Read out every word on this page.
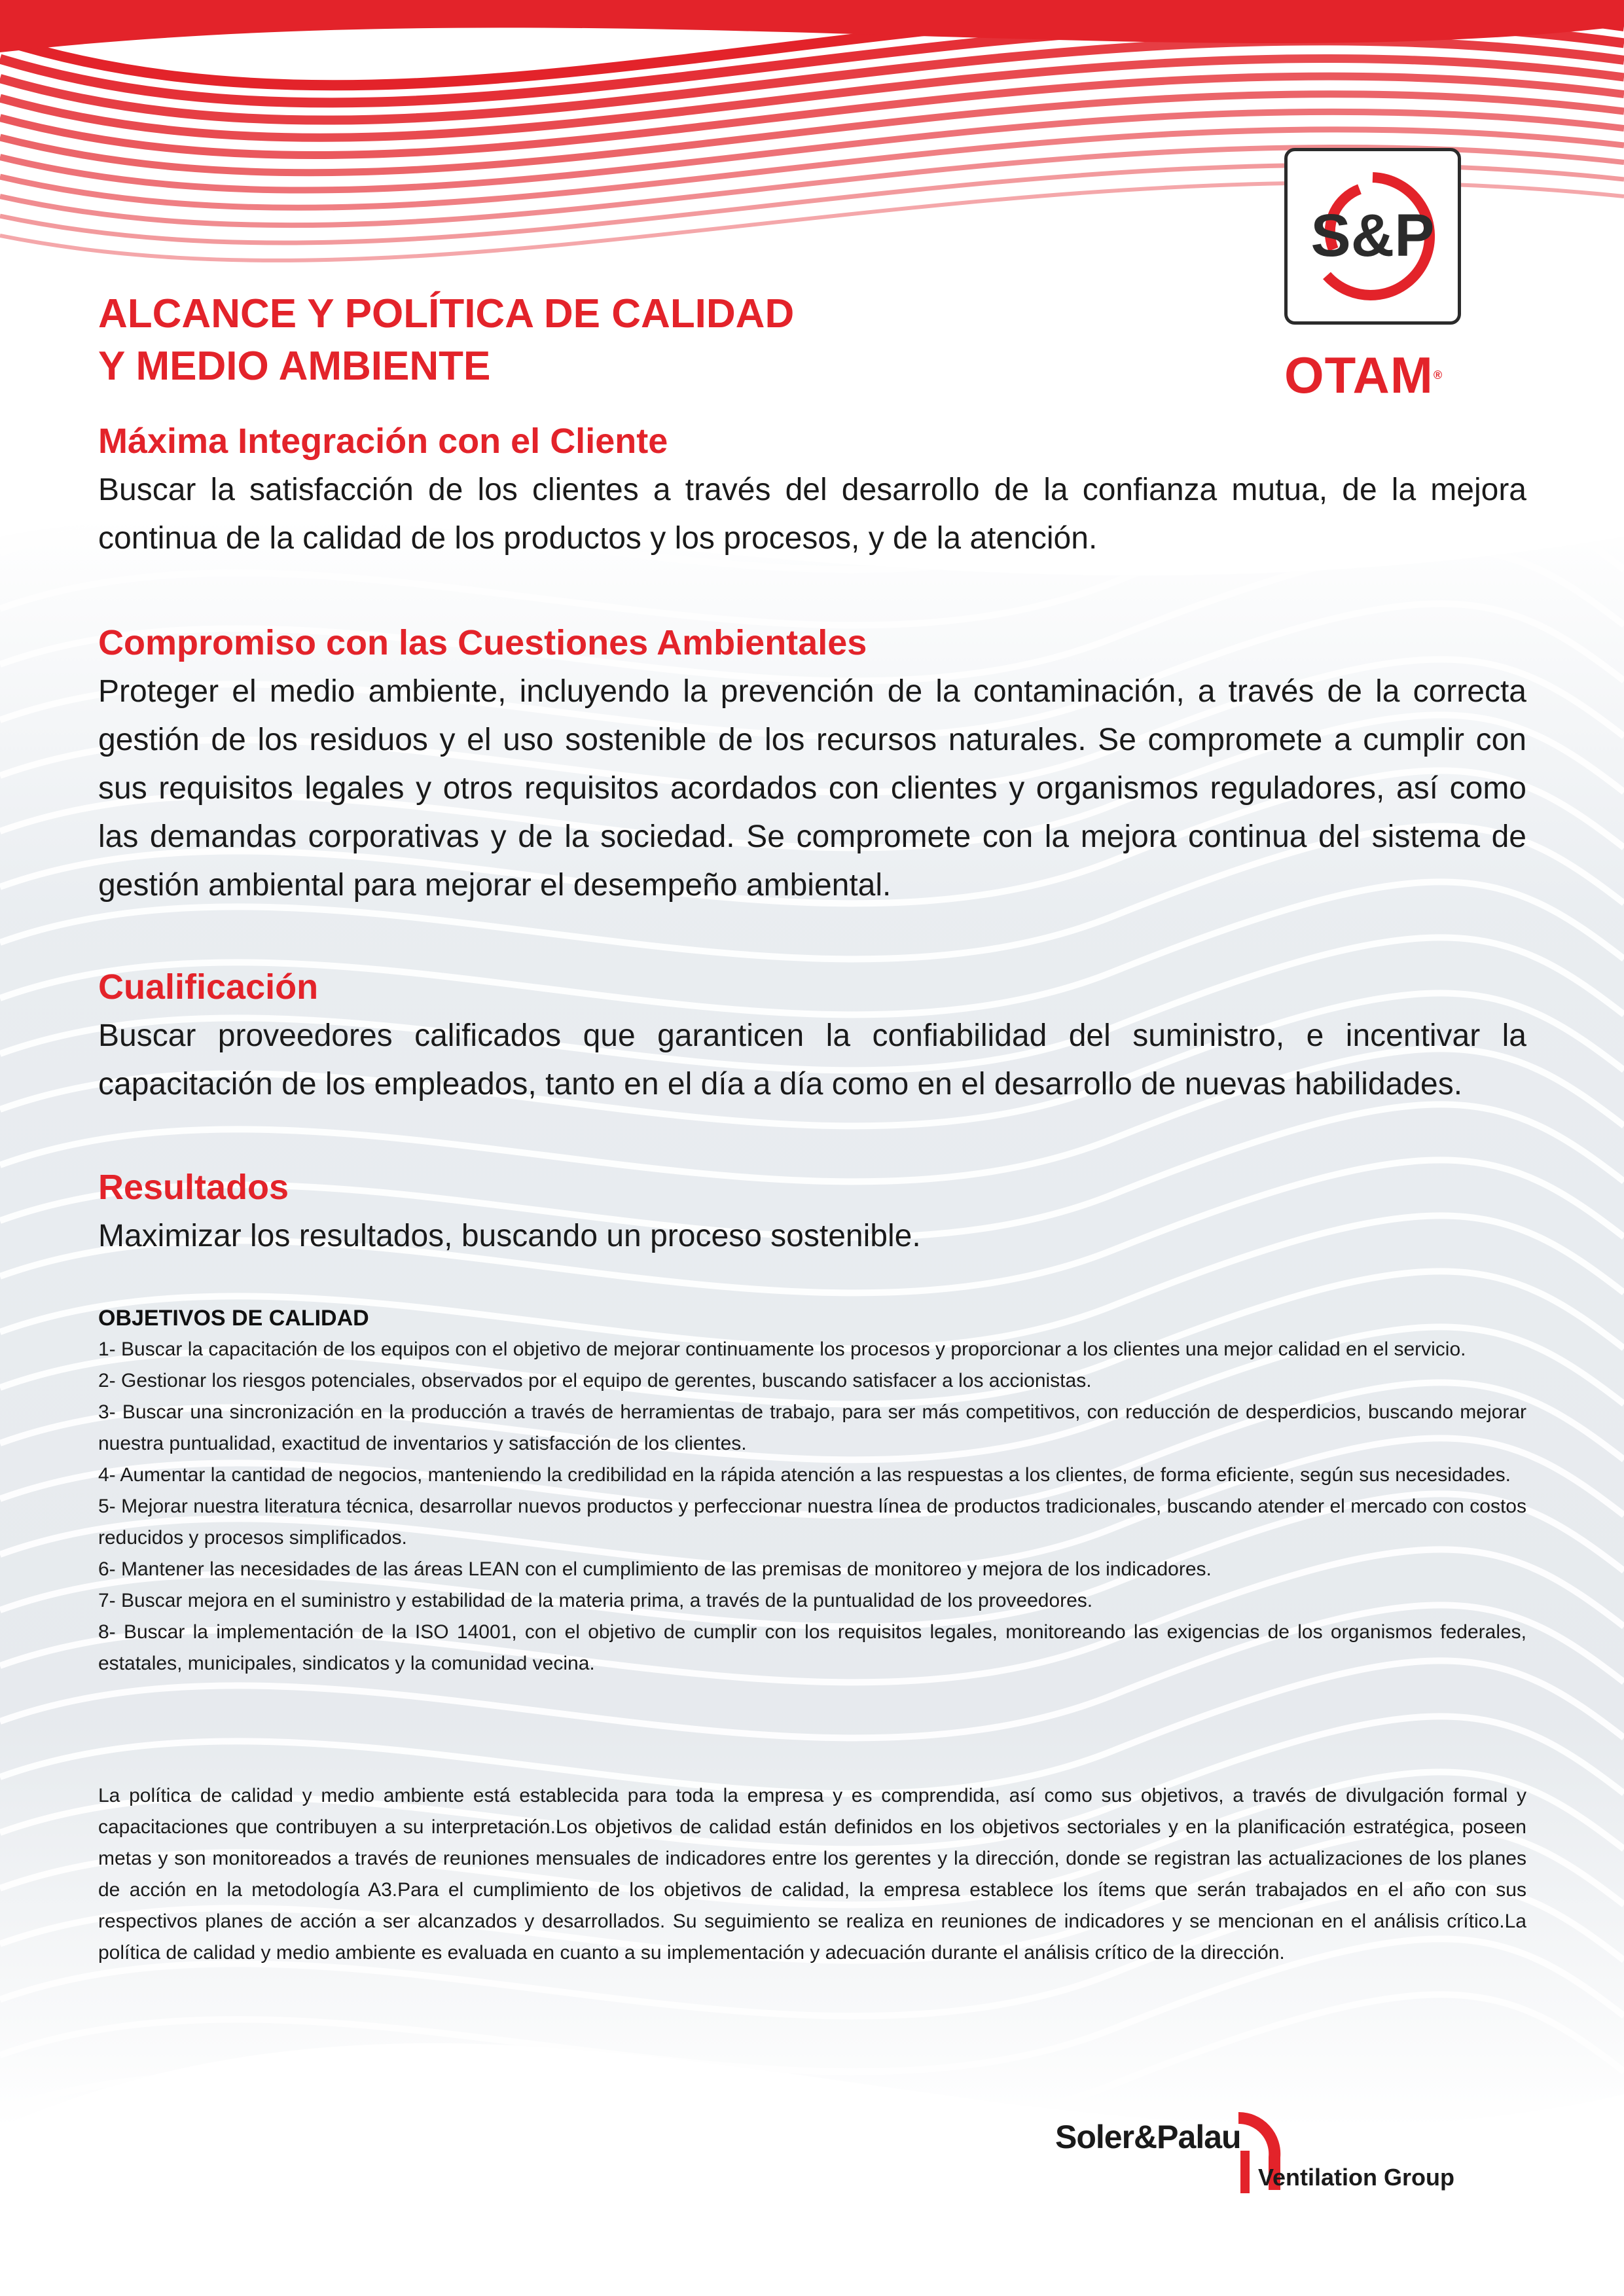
ALCANCE Y POLÍTICA DE CALIDAD
Y MEDIO AMBIENTE
S&P
OTAM®
Máxima Integración con el Cliente

Buscar la satisfacción de los clientes a través del desarrollo de la confianza mutua, de la mejora continua de la calidad de los productos y los procesos, y de la atención.

Compromiso con las Cuestiones Ambientales

Proteger el medio ambiente, incluyendo la prevención de la contaminación, a través de la correcta gestión de los residuos y el uso sostenible de los recursos naturales. Se compromete a cumplir con sus requisitos legales y otros requisitos acordados con clientes y organismos reguladores, así como las demandas corporativas y de la sociedad. Se compromete con la mejora continua del sistema de gestión ambiental para mejorar el desempeño ambiental.

Cualificación

Buscar proveedores calificados que garanticen la confiabilidad del suministro, e incentivar la capacitación de los empleados, tanto en el día a día como en el desarrollo de nuevas habilidades.

Resultados

Maximizar los resultados, buscando un proceso sostenible.

OBJETIVOS DE CALIDAD

1- Buscar la capacitación de los equipos con el objetivo de mejorar continuamente los procesos y proporcionar a los clientes una mejor calidad en el servicio.

2- Gestionar los riesgos potenciales, observados por el equipo de gerentes, buscando satisfacer a los accionistas.

3- Buscar una sincronización en la producción a través de herramientas de trabajo, para ser más competitivos, con reducción de desperdicios, buscando mejorar nuestra puntualidad, exactitud de inventarios y satisfacción de los clientes.

4- Aumentar la cantidad de negocios, manteniendo la credibilidad en la rápida atención a las respuestas a los clientes, de forma eficiente, según sus necesidades.

5- Mejorar nuestra literatura técnica, desarrollar nuevos productos y perfeccionar nuestra línea de productos tradicionales, buscando atender el mercado con costos reducidos y procesos simplificados.

6- Mantener las necesidades de las áreas LEAN con el cumplimiento de las premisas de monitoreo y mejora de los indicadores.

7- Buscar mejora en el suministro y estabilidad de la materia prima, a través de la puntualidad de los proveedores.

8- Buscar la implementación de la ISO 14001, con el objetivo de cumplir con los requisitos legales, monitoreando las exigencias de los organismos federales, estatales, municipales, sindicatos y la comunidad vecina.

La política de calidad y medio ambiente está establecida para toda la empresa y es comprendida, así como sus objetivos, a través de divulgación formal y capacitaciones que contribuyen a su interpretación.Los objetivos de calidad están definidos en los objetivos sectoriales y en la planificación estratégica, poseen metas y son monitoreados a través de reuniones mensuales de indicadores entre los gerentes y la dirección, donde se registran las actualizaciones de los planes de acción en la metodología A3.Para el cumplimiento de los objetivos de calidad, la empresa establece los ítems que serán trabajados en el año con sus respectivos planes de acción a ser alcanzados y desarrollados. Su seguimiento se realiza en reuniones de indicadores y se mencionan en el análisis crítico.La política de calidad y medio ambiente es evaluada en cuanto a su implementación y adecuación durante el análisis crítico de la dirección.

Soler&Palau
Ventilation Group
